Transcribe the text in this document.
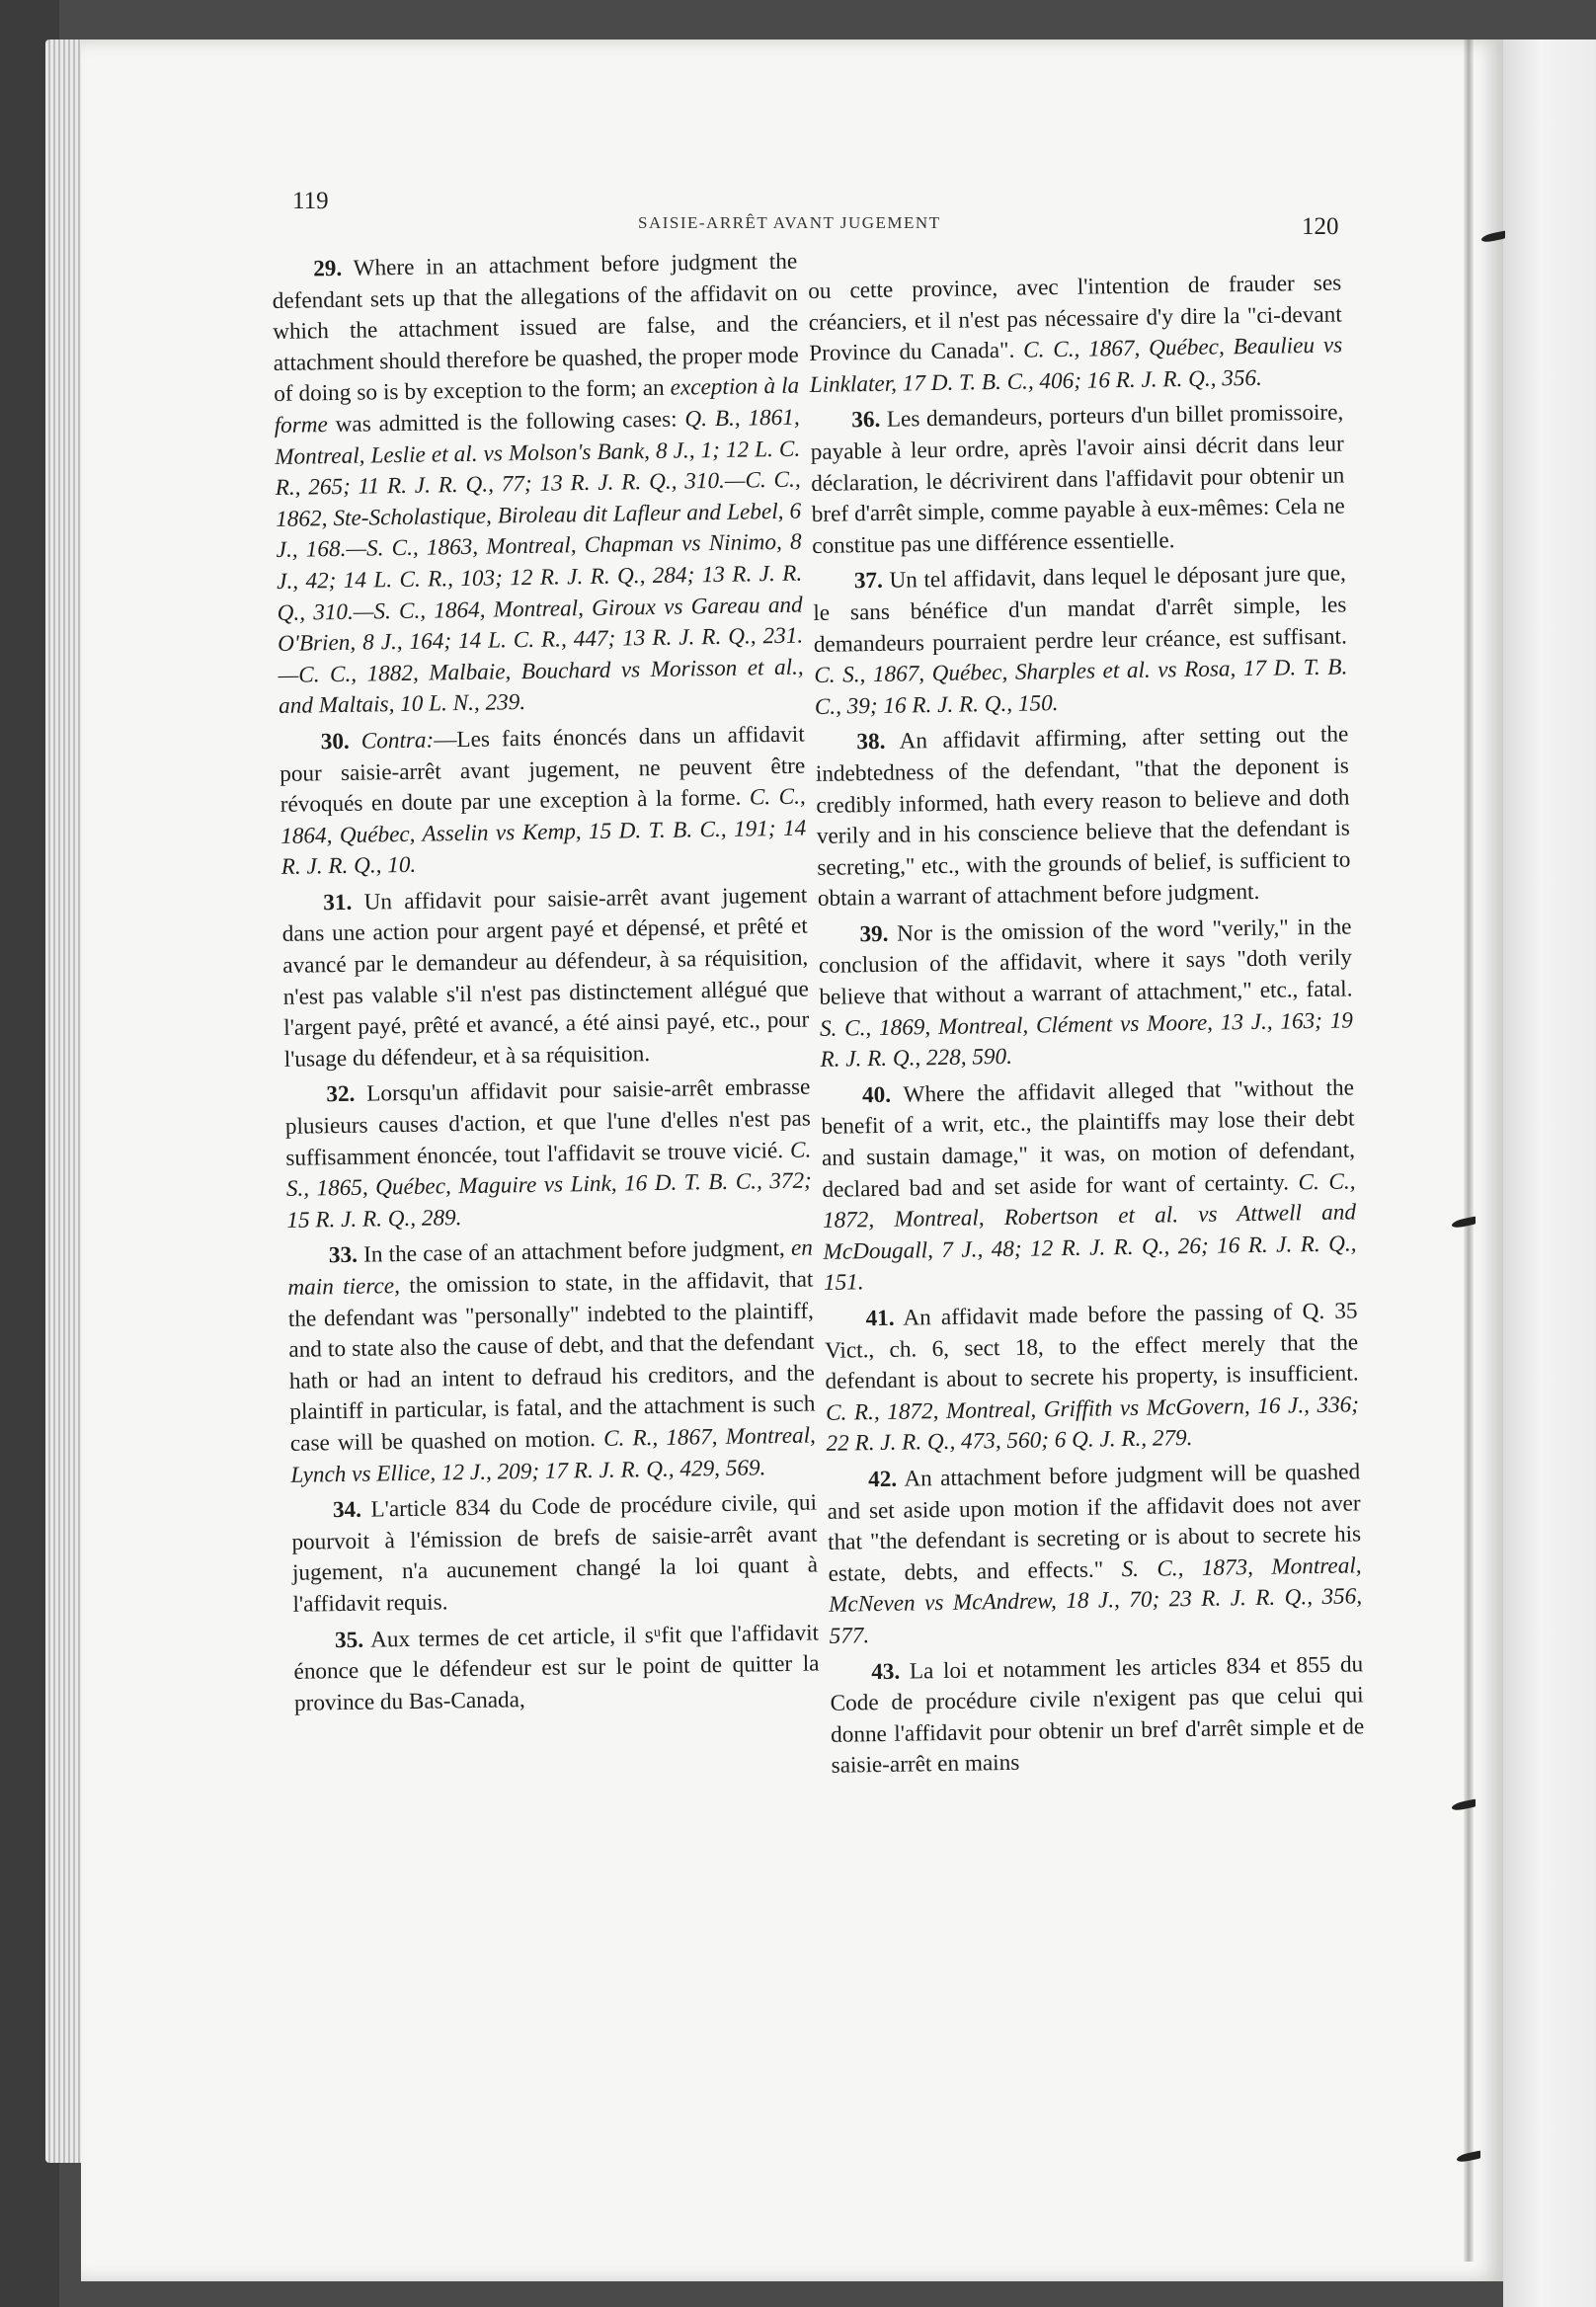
119
SAISIE-ARRÊT AVANT JUGEMENT	120

29. Where in an attachment before judgment the defendant sets up that the allegations of the affidavit on which the attachment issued are false, and the attachment should therefore be quashed, the proper mode of doing so is by exception to the form; an exception à la forme was admitted is the following cases: Q. B., 1861, Montreal, Leslie et al. vs Molson's Bank, 8 J., 1; 12 L. C. R., 265; 11 R. J. R. Q., 77; 13 R. J. R. Q., 310.—C. C., 1862, Ste-Scholastique, Biroleau dit Lafleur and Lebel, 6 J., 168.—S. C., 1863, Montreal, Chapman vs Ninimo, 8 J., 42; 14 L. C. R., 103; 12 R. J. R. Q., 284; 13 R. J. R. Q., 310.—S. C., 1864, Montreal, Giroux vs Gareau and O'Brien, 8 J., 164; 14 L. C. R., 447; 13 R. J. R. Q., 231. —C. C., 1882, Malbaie, Bouchard vs Morisson et al., and Maltais, 10 L. N., 239.

30. Contra:—Les faits énoncés dans un affidavit pour saisie-arrêt avant jugement, ne peuvent être révoqués en doute par une exception à la forme. C. C., 1864, Québec, Asselin vs Kemp, 15 D. T. B. C., 191; 14 R. J. R. Q., 10.

31. Un affidavit pour saisie-arrêt avant jugement dans une action pour argent payé et dépensé, et prêté et avancé par le demandeur au défendeur, à sa réquisition, n'est pas valable s'il n'est pas distinctement allégué que l'argent payé, prêté et avancé, a été ainsi payé, etc., pour l'usage du défendeur, et à sa réquisition.

32. Lorsqu'un affidavit pour saisie-arrêt embrasse plusieurs causes d'action, et que l'une d'elles n'est pas suffisamment énoncée, tout l'affidavit se trouve vicié. C. S., 1865, Québec, Maguire vs Link, 16 D. T. B. C., 372; 15 R. J. R. Q., 289.

33. In the case of an attachment before judgment, en main tierce, the omission to state, in the affidavit, that the defendant was "personally" indebted to the plaintiff, and to state also the cause of debt, and that the defendant hath or had an intent to defraud his creditors, and the plaintiff in particular, is fatal, and the attachment is such case will be quashed on motion. C. R., 1867, Montreal, Lynch vs Ellice, 12 J., 209; 17 R. J. R. Q., 429, 569.

34. L'article 834 du Code de procédure civile, qui pourvoit à l'émission de brefs de saisie-arrêt avant jugement, n'a aucunement changé la loi quant à l'affidavit requis.

35. Aux termes de cet article, il sᵘfit que l'affidavit énonce que le défendeur est sur le point de quitter la province du Bas-Canada,

ou cette province, avec l'intention de frauder ses créanciers, et il n'est pas nécessaire d'y dire la "ci-devant Province du Canada". C. C., 1867, Québec, Beaulieu vs Linklater, 17 D. T. B. C., 406; 16 R. J. R. Q., 356.

36. Les demandeurs, porteurs d'un billet promissoire, payable à leur ordre, après l'avoir ainsi décrit dans leur déclaration, le décrivirent dans l'affidavit pour obtenir un bref d'arrêt simple, comme payable à eux-mêmes: Cela ne constitue pas une différence essentielle.

37. Un tel affidavit, dans lequel le déposant jure que, le sans bénéfice d'un mandat d'arrêt simple, les demandeurs pourraient perdre leur créance, est suffisant. C. S., 1867, Québec, Sharples et al. vs Rosa, 17 D. T. B. C., 39; 16 R. J. R. Q., 150.

38. An affidavit affirming, after setting out the indebtedness of the defendant, "that the deponent is credibly informed, hath every reason to believe and doth verily and in his conscience believe that the defendant is secreting," etc., with the grounds of belief, is sufficient to obtain a warrant of attachment before judgment.

39. Nor is the omission of the word "verily," in the conclusion of the affidavit, where it says "doth verily believe that without a warrant of attachment," etc., fatal. S. C., 1869, Montreal, Clément vs Moore, 13 J., 163; 19 R. J. R. Q., 228, 590.

40. Where the affidavit alleged that "without the benefit of a writ, etc., the plaintiffs may lose their debt and sustain damage," it was, on motion of defendant, declared bad and set aside for want of certainty. C. C., 1872, Montreal, Robertson et al. vs Attwell and McDougall, 7 J., 48; 12 R. J. R. Q., 26; 16 R. J. R. Q., 151.

41. An affidavit made before the passing of Q. 35 Vict., ch. 6, sect 18, to the effect merely that the defendant is about to secrete his property, is insufficient. C. R., 1872, Montreal, Griffith vs McGovern, 16 J., 336; 22 R. J. R. Q., 473, 560; 6 Q. J. R., 279.

42. An attachment before judgment will be quashed and set aside upon motion if the affidavit does not aver that "the defendant is secreting or is about to secrete his estate, debts, and effects." S. C., 1873, Montreal, McNeven vs McAndrew, 18 J., 70; 23 R. J. R. Q., 356, 577.

43. La loi et notamment les articles 834 et 855 du Code de procédure civile n'exigent pas que celui qui donne l'affidavit pour obtenir un bref d'arrêt simple et de saisie-arrêt en mains
